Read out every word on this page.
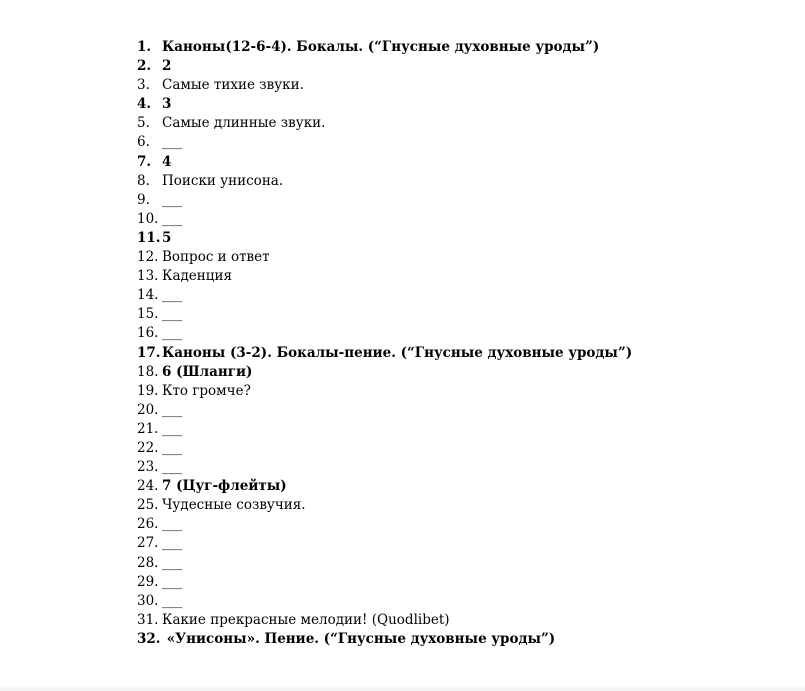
1. Каноны(12-6-4). Бокалы. (“Гнусные духовные уроды”)
2. 2
3. Самые тихие звуки.
4. 3
5. Самые длинные звуки.
6. ___
7. 4
8. Поиски унисона.
9. ___
10. ___
11. 5
12. Вопрос и ответ
13. Каденция
14. ___
15. ___
16. ___
17. Каноны (3-2). Бокалы-пение. (“Гнусные духовные уроды”)
18. 6 (Шланги)
19. Кто громче?
20. ___
21. ___
22. ___
23. ___
24. 7 (Цуг-флейты)
25. Чудесные созвучия.
26. ___
27. ___
28. ___
29. ___
30. ___
31. Какие прекрасные мелодии! (Quodlibet)
32. «Унисоны». Пение. (“Гнусные духовные уроды”)
